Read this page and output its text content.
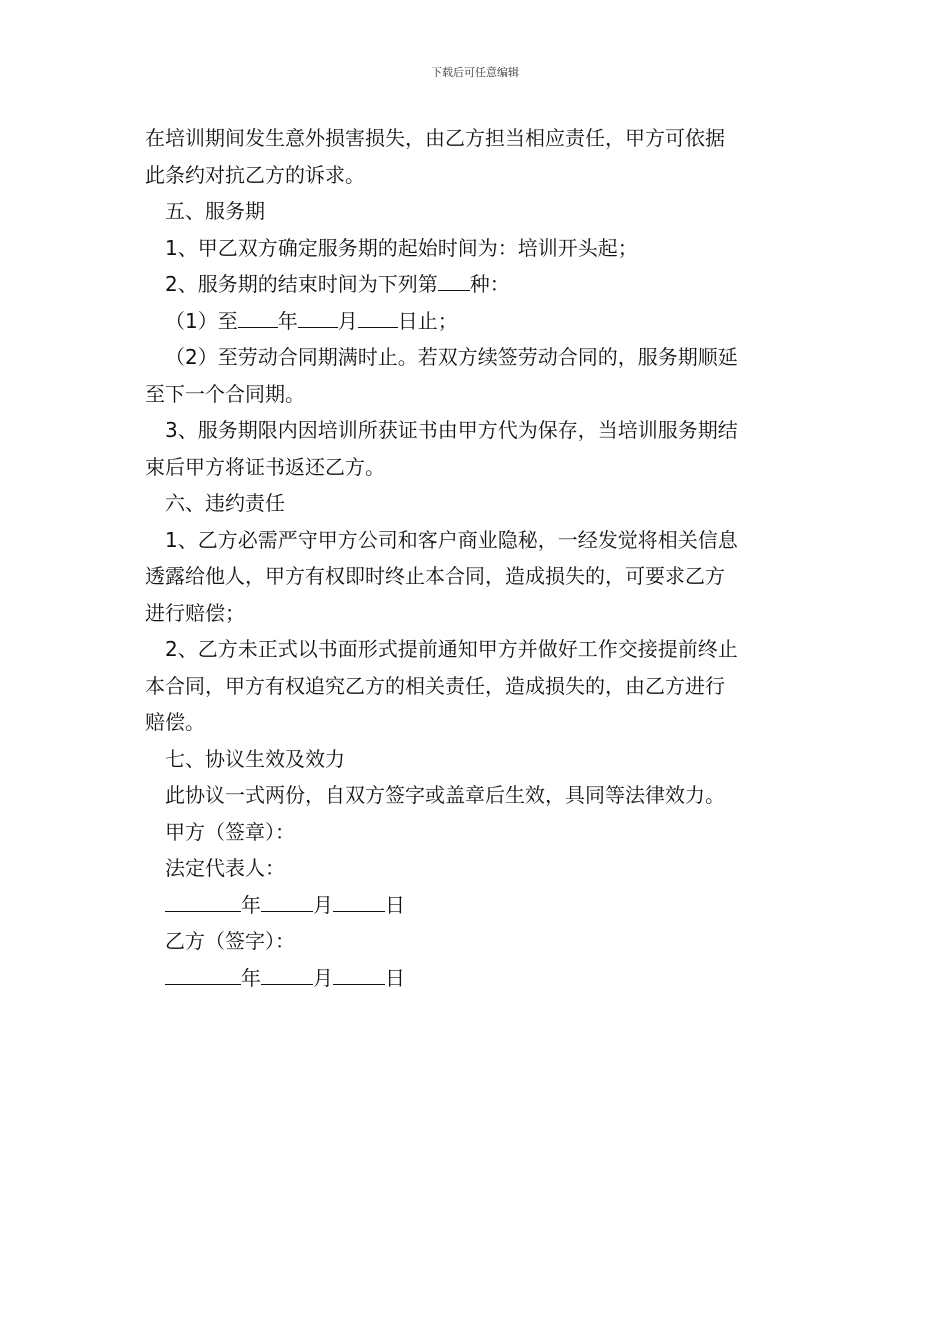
下载后可任意编辑
在培训期间发生意外损害损失，由乙方担当相应责任，甲方可依据
此条约对抗乙方的诉求。
五、服务期
1、甲乙双方确定服务期的起始时间为：培训开头起；
2、服务期的结束时间为下列第 种：
（1）至 年 月 日止；
（2）至劳动合同期满时止。若双方续签劳动合同的，服务期顺延
至下一个合同期。
3、服务期限内因培训所获证书由甲方代为保存，当培训服务期结
束后甲方将证书返还乙方。
六、违约责任
1、乙方必需严守甲方公司和客户商业隐秘，一经发觉将相关信息
透露给他人，甲方有权即时终止本合同，造成损失的，可要求乙方
进行赔偿；
2、乙方未正式以书面形式提前通知甲方并做好工作交接提前终止
本合同，甲方有权追究乙方的相关责任，造成损失的，由乙方进行
赔偿。
七、协议生效及效力
此协议一式两份，自双方签字或盖章后生效，具同等法律效力。
甲方（签章）：
法定代表人：
年	月	日
乙方（签字）：
年	月	日
